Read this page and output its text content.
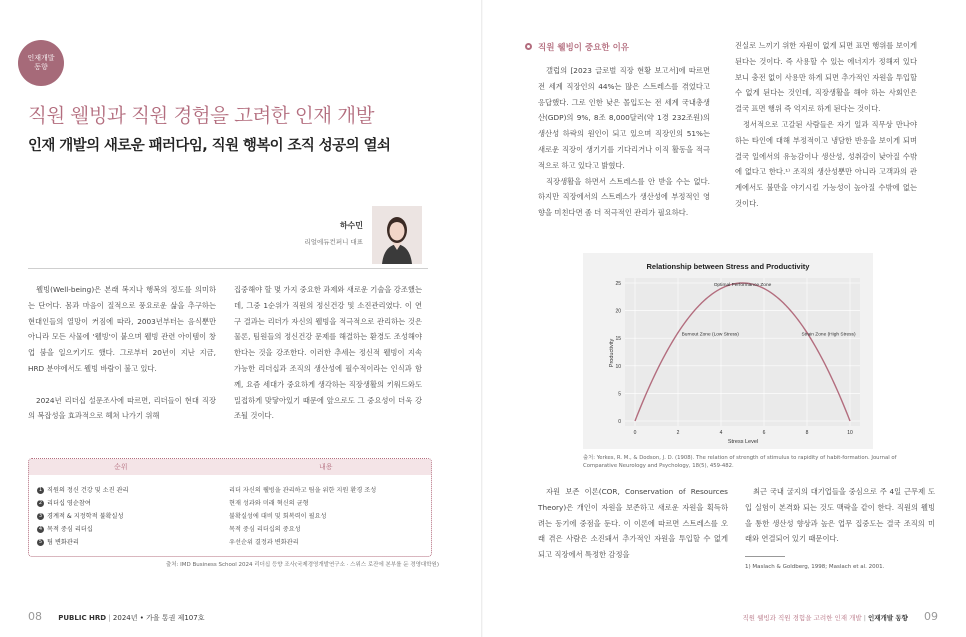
인재개발
동향
직원 웰빙과 직원 경험을 고려한 인재 개발
인재 개발의 새로운 패러다임, 직원 행복이 조직 성공의 열쇠
하수민
리얼에듀컨퍼니 대표

웰빙(Well-being)은 본래 복지나 행복의 정도를 의미하는 단어다. 몸과 마음이 질적으로 풍요로운 삶을 추구하는 현대인들의 열망이 커짐에 따라, 2003년부터는 음식뿐만 아니라 모든 사물에 '웰빙'이 붙으며 웰빙 관련 아이템이 창업 붐을 일으키기도 했다. 그로부터 20년이 지난 지금, HRD 분야에서도 웰빙 바람이 불고 있다.

2024년 리더십 설문조사에 따르면, 리더들이 현대 직장의 복잡성을 효과적으로 헤쳐 나가기 위해

집중해야 할 몇 가지 중요한 과제와 새로운 기술을 강조했는데, 그중 1순위가 직원의 정신건강 및 소진관리였다. 이 연구 결과는 리더가 자신의 웰빙을 적극적으로 관리하는 것은 물론, 팀원들의 정신건강 문제를 해결하는 환경도 조성해야 한다는 것을 강조한다. 이러한 추세는 정신적 웰빙이 지속 가능한 리더십과 조직의 생산성에 필수적이라는 인식과 함께, 요즘 세대가 중요하게 생각하는 직장생활의 키워드와도 밀접하게 맞닿아있기 때문에 앞으로도 그 중요성이 더욱 강조될 것이다.

순위	내용
1 직원의 정신 건강 및 소진 관리	리더 자신의 웰빙을 관리하고 팀을 위한 지원 환경 조성
2 리더십 영순참여	현재 성과와 미래 혁신의 균형
3 경계적 & 지정학적 불확실성	불확실성에 대비 및 회복력이 필요성
4 목적 중심 리더십	목적 중심 리더십의 중요성
5 팀 변화관리	우선순위 결정과 변화관리
출처: IMD Business School 2024 리더십 등향 조사(국제경영개발연구소 · 스위스 로잔에 본부를 둔 경영대학원)
08 PUBLIC HRD | 2024년 • 가을 통권 제107호
직원 웰빙이 중요한 이유

갤럽의 [2023 글로벌 직장 현황 보고서]에 따르면 전 세계 직장인의 44%는 많은 스트레스를 겪었다고 응답했다. 그로 인한 낮은 몰입도는 전 세계 국내총생산(GDP)의 9%, 8조 8,000달러(약 1경 232조원)의 생산성 하락의 원인이 되고 있으며 직장인의 51%는 새로운 직장이 생기기를 기다리거나 이직 활동을 적극적으로 하고 있다고 밝혔다.

직장생활을 하면서 스트레스를 안 받을 수는 없다. 하지만 직장에서의 스트레스가 생산성에 부정적인 영향을 미친다면 좀 더 적극적인 관리가 필요하다.

진실로 느끼기 위한 자원이 없게 되면 표면 행위를 보이게 된다는 것이다. 즉 사용할 수 있는 에너지가 정해져 있다 보니 충전 없이 사용만 하게 되면 추가적인 자원을 투입할 수 없게 된다는 것인데, 직장생활을 해야 하는 사회인은 결국 표면 행위 즉 억지로 하게 된다는 것이다.

정서적으로 고갈된 사람들은 자기 일과 직무상 만나야 하는 타인에 대해 부정적이고 냉담한 반응을 보이게 되며 결국 일에서의 유능감이나 생산성, 성취감이 낮아질 수밖에 없다고 한다.¹⁾ 조직의 생산성뿐만 아니라 고객과의 관계에서도 불만을 야기시킬 가능성이 높아질 수밖에 없는 것이다.

Relationship between Stress and Productivity
0
5
10
15
20
25
0	2	4	6	8	10
Optimal Performance Zone
Burnout Zone (Low Stress)	Strain Zone (High Stress)
Stress Level
Productivity
출처: Yerkes, R. M., & Dodson, J. D. (1908). The relation of strength of stimulus to rapidity of habit-formation. Journal of Comparative Neurology and Psychology, 18(5), 459-482.

자원 보존 이론(COR, Conservation of Resources Theory)은 개인이 자원을 보존하고 새로운 자원을 획득하려는 동기에 중점을 둔다. 이 이론에 따르면 스트레스를 오래 겪은 사람은 소진돼서 추가적인 자원을 투입할 수 없게 되고 직장에서 특정한 감정을

최근 국내 굴지의 대기업들을 중심으로 주 4일 근무제 도입 실험이 본격화 되는 것도 맥락을 같이 한다. 직원의 웰빙을 통한 생산성 향상과 높은 업무 집중도는 결국 조직의 미래와 연결되어 있기 때문이다.

1) Maslach & Goldberg, 1998; Maslach et al. 2001.
직원 웰빙과 직원 경험을 고려한 인재 개발 | 인재개발 동향 09
